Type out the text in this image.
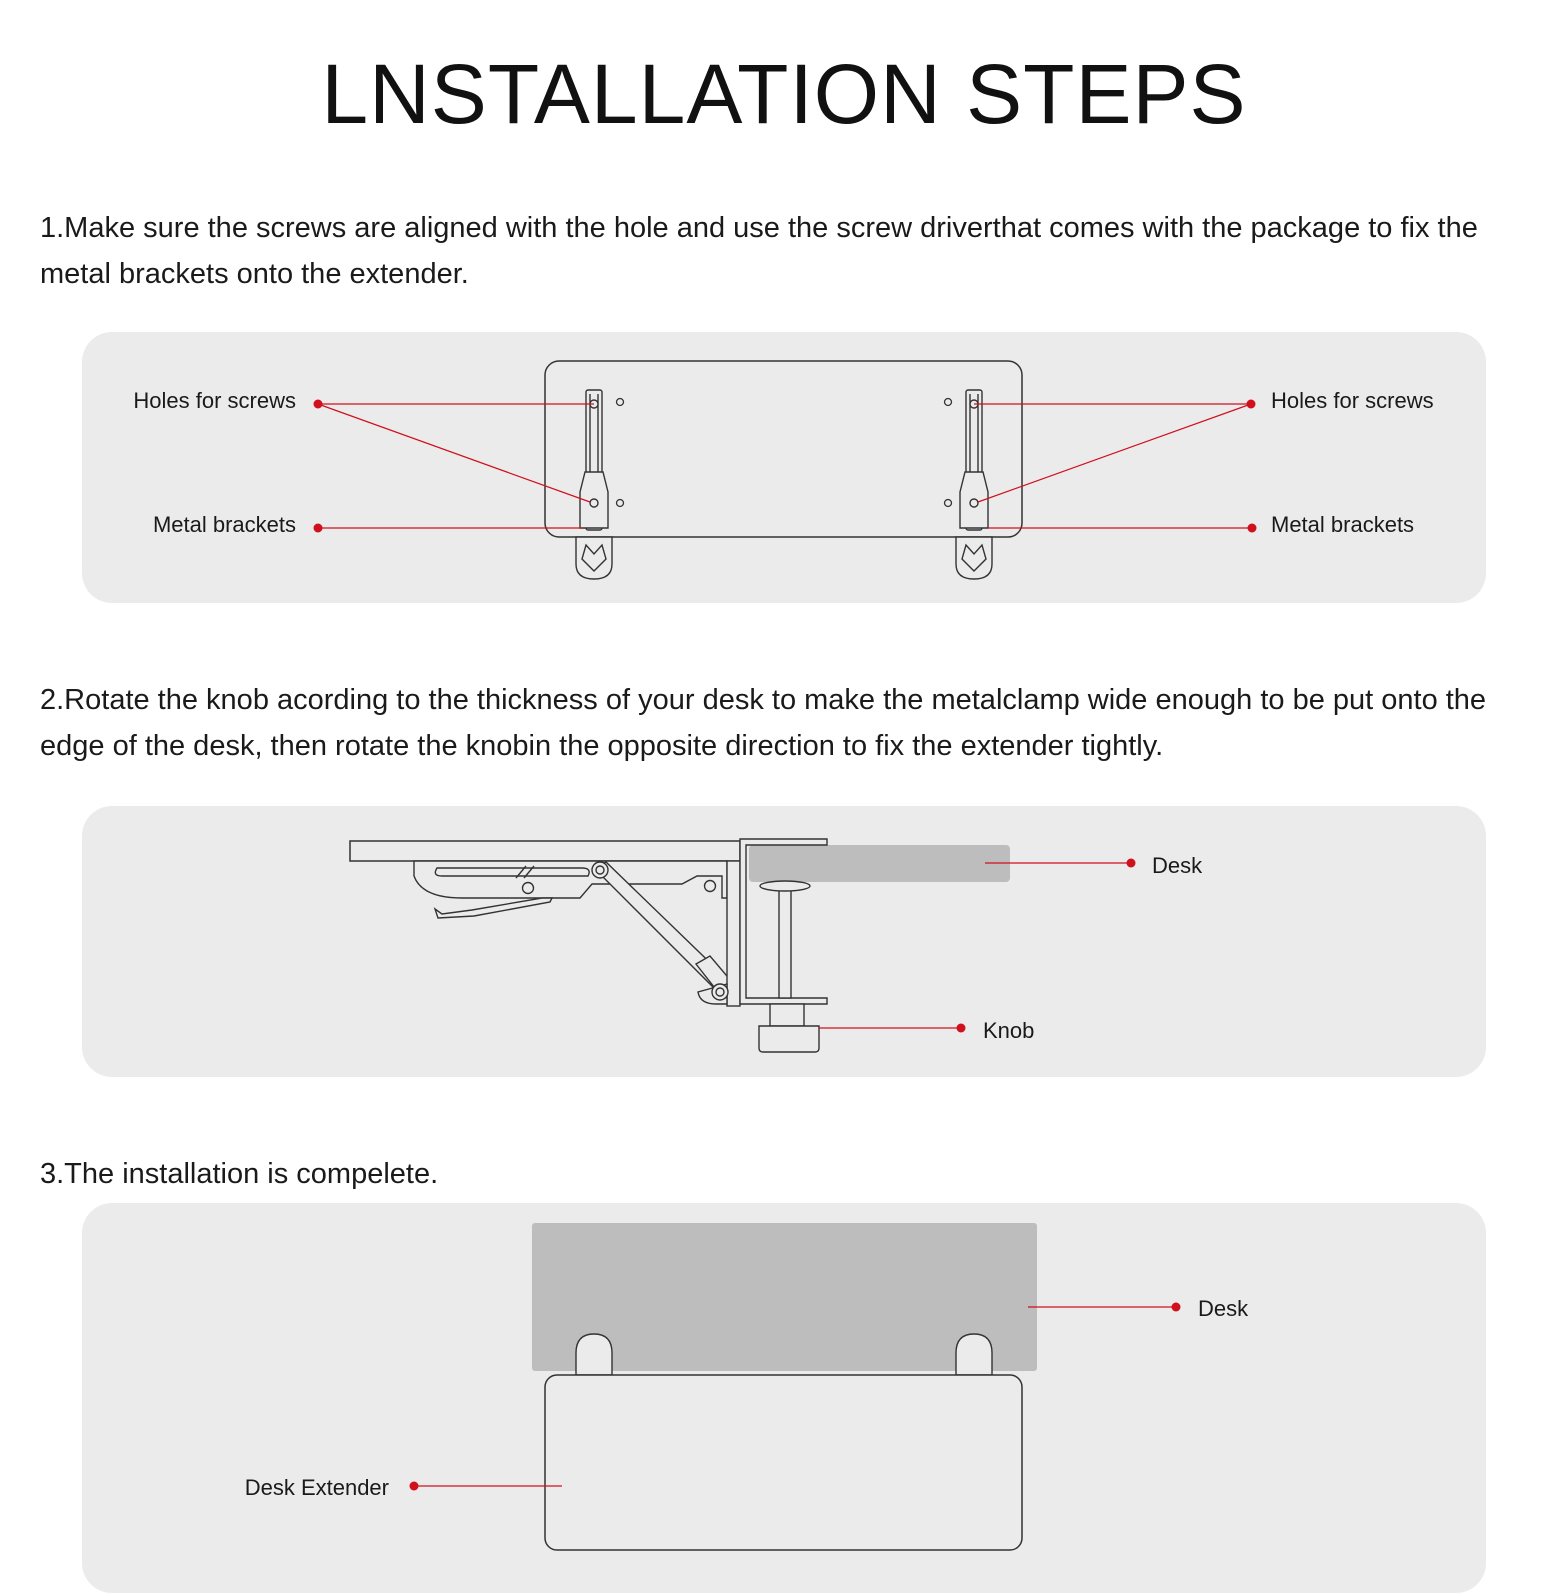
LNSTALLATION STEPS

1.Make sure the screws are aligned with the hole and use the screw driverthat comes with the package to fix the metal brackets onto the extender.

Holes for screws
Metal brackets
Holes for screws
Metal brackets

2.Rotate the knob acording to the thickness of your desk to make the metalclamp wide enough to be put onto the edge of the desk, then rotate the knobin the opposite direction to fix the extender tightly.

Desk
Knob

3.The installation is compelete.

Desk
Desk Extender
